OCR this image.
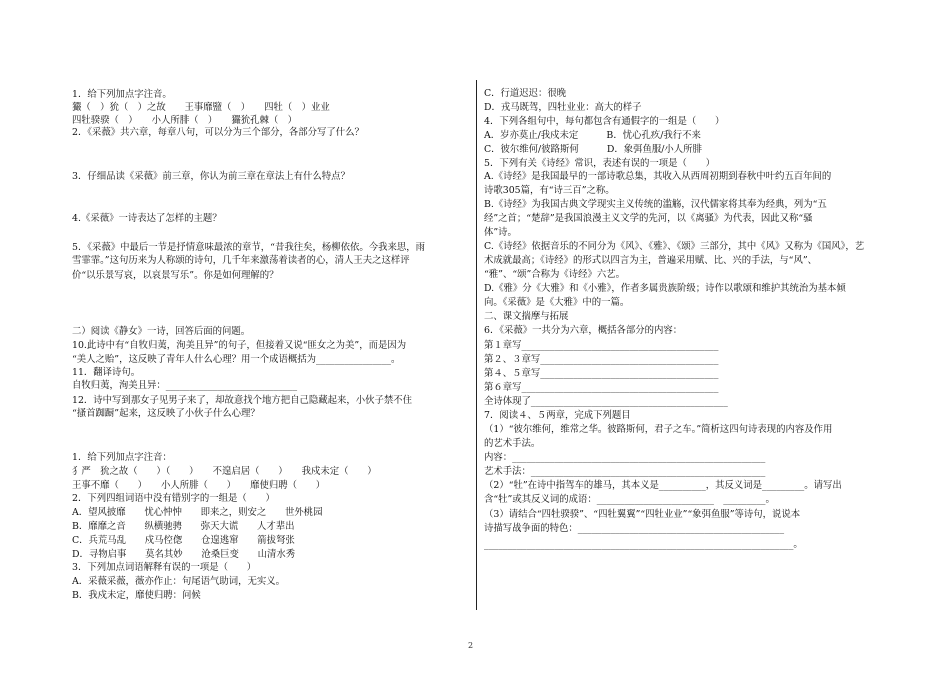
1．给下列加点字注音。
玁（　）狁（　）之故　　王事靡盬（　）　　四牡（　）业业
四牡骙骙（　）　　小人所腓（　）　　玁狁孔棘（　）
2．《采薇》共六章，每章八句，可以分为三个部分，各部分写了什么？
3．仔细品读《采薇》前三章，你认为前三章在章法上有什么特点？
4.《采薇》一诗表达了怎样的主题？
5．《采薇》中最后一节是抒情意味最浓的章节，“昔我往矣，杨柳依依。今我来思，雨
雪霏霏。”这句历来为人称颂的诗句，几千年来激荡着读者的心，清人王夫之这样评
价“以乐景写哀，以哀景写乐”。你是如何理解的？
二）阅读《静女》一诗，回答后面的问题。
10.此诗中有“自牧归荑，洵美且异”的句子，但接着又说“匪女之为美”，而是因为
“美人之贻”，这反映了青年人什么心理？用一个成语概括为________________。
11．翻译诗句。
自牧归荑，洵美且异：____________________________
12．诗中写到那女子见男子来了，却故意找个地方把自己隐藏起来，小伙子禁不住
“搔首踟蹰”起来，这反映了小伙子什么心理？
1．给下列加点字注音：
犭严　狁之故（　　）（　　）　　不遑启居（　　）　　我戍未定（　　）
王事不靡（　　）　　小人所腓（　　）　　靡使归聘（　　）
2．下列四组词语中没有错别字的一组是（　　）
A．望风披靡　　忧心忡忡　　即来之，则安之　　世外桃园
B．靡靡之音　　纵横驰骋　　弥天大谎　　人才辈出
C．兵荒马乱　　戍马倥偬　　仓遑逃窜　　箭拔弩张
D．寻物启事　　莫名其妙　　沧桑巨变　　山清水秀
3．下列加点词语解释有误的一项是（　　）
A．采薇采薇，薇亦作止：句尾语气助词，无实义。
B．我戍未定，靡使归聘：问候
C．行道迟迟：很晚
D．戎马既驾，四牡业业：高大的样子
4．下列各组句中，每句都包含有通假字的一组是（　　）
A．岁亦莫止/我戍未定　　　B．忧心孔疚/我行不来
C．彼尔维何/彼路斯何　　　D．象弭鱼服/小人所腓
5．下列有关《诗经》常识，表述有误的一项是（　　）
A.《诗经》是我国最早的一部诗歌总集，其收入从西周初期到春秋中叶约五百年间的
诗歌305篇，有“诗三百”之称。
B.《诗经》为我国古典文学现实主义传统的滥觞，汉代儒家将其奉为经典，列为“五
经”之首；“楚辞”是我国浪漫主义文学的先河，以《离骚》为代表，因此又称“骚
体”诗。
C.《诗经》依据音乐的不同分为《风》、《雅》、《颂》三部分，其中《风》又称为《国风》，艺
术成就最高；《诗经》的形式以四言为主，普遍采用赋、比、兴的手法，与“风”、
“雅”、“颂”合称为《诗经》六艺。
D.《雅》分《大雅》和《小雅》，作者多属贵族阶级；诗作以歌颂和维护其统治为基本倾
向。《采薇》是《大雅》中的一篇。
二、课文揣摩与拓展
6．《采薇》一共分为六章，概括各部分的内容：
第１章写__________________________________________
第２、３章写______________________________________
第４、５章写______________________________________
第６章写__________________________________________
全诗体现了__________________________________________
7．阅读４、５两章，完成下列题目
（1）“彼尔维何，维常之华。彼路斯何，君子之车。”简析这四句诗表现的内容及作用
的艺术手法。
内容：______________________________________________________
艺术手法：__________________________________________________
（2）“牡”在诗中指驾车的雄马，其本义是__________，其反义词是_________。请写出
含“牡”或其反义词的成语：_________________________　_________。
（3）请结合“四牡骙骙”、“四牡翼翼”“四牡业业”“象弭鱼服”等诗句，说说本
诗描写战争面的特色：____________________________________________
__________________________________________________________________。
2
